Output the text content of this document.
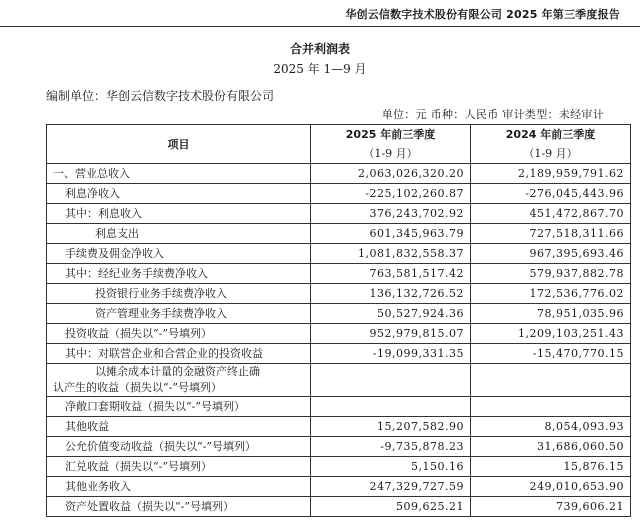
华创云信数字技术股份有限公司 2025 年第三季度报告
合并利润表
2025 年 1—9 月
编制单位：华创云信数字技术股份有限公司
单位：元 币种：人民币 审计类型：未经审计
项目	2025 年前三季度	2024 年前三季度
	（1-9 月）	（1-9 月）
一、营业总收入	2,063,026,320.20	2,189,959,791.62
利息净收入	-225,102,260.87	-276,045,443.96
其中：利息收入	376,243,702.92	451,472,867.70
利息支出	601,345,963.79	727,518,311.66
手续费及佣金净收入	1,081,832,558.37	967,395,693.46
其中：经纪业务手续费净收入	763,581,517.42	579,937,882.78
投资银行业务手续费净收入	136,132,726.52	172,536,776.02
资产管理业务手续费净收入	50,527,924.36	78,951,035.96
投资收益（损失以“-”号填列）	952,979,815.07	1,209,103,251.43
其中：对联营企业和合营企业的投资收益	-19,099,331.35	-15,470,770.15

以摊余成本计量的金融资产终止确
认产生的收益（损失以“-”号填列）		

净敞口套期收益（损失以“-”号填列）		
其他收益	15,207,582.90	8,054,093.93
公允价值变动收益（损失以“-”号填列）	-9,735,878.23	31,686,060.50
汇兑收益（损失以“-”号填列）	5,150.16	15,876.15
其他业务收入	247,329,727.59	249,010,653.90
资产处置收益（损失以“-”号填列）	509,625.21	739,606.21
